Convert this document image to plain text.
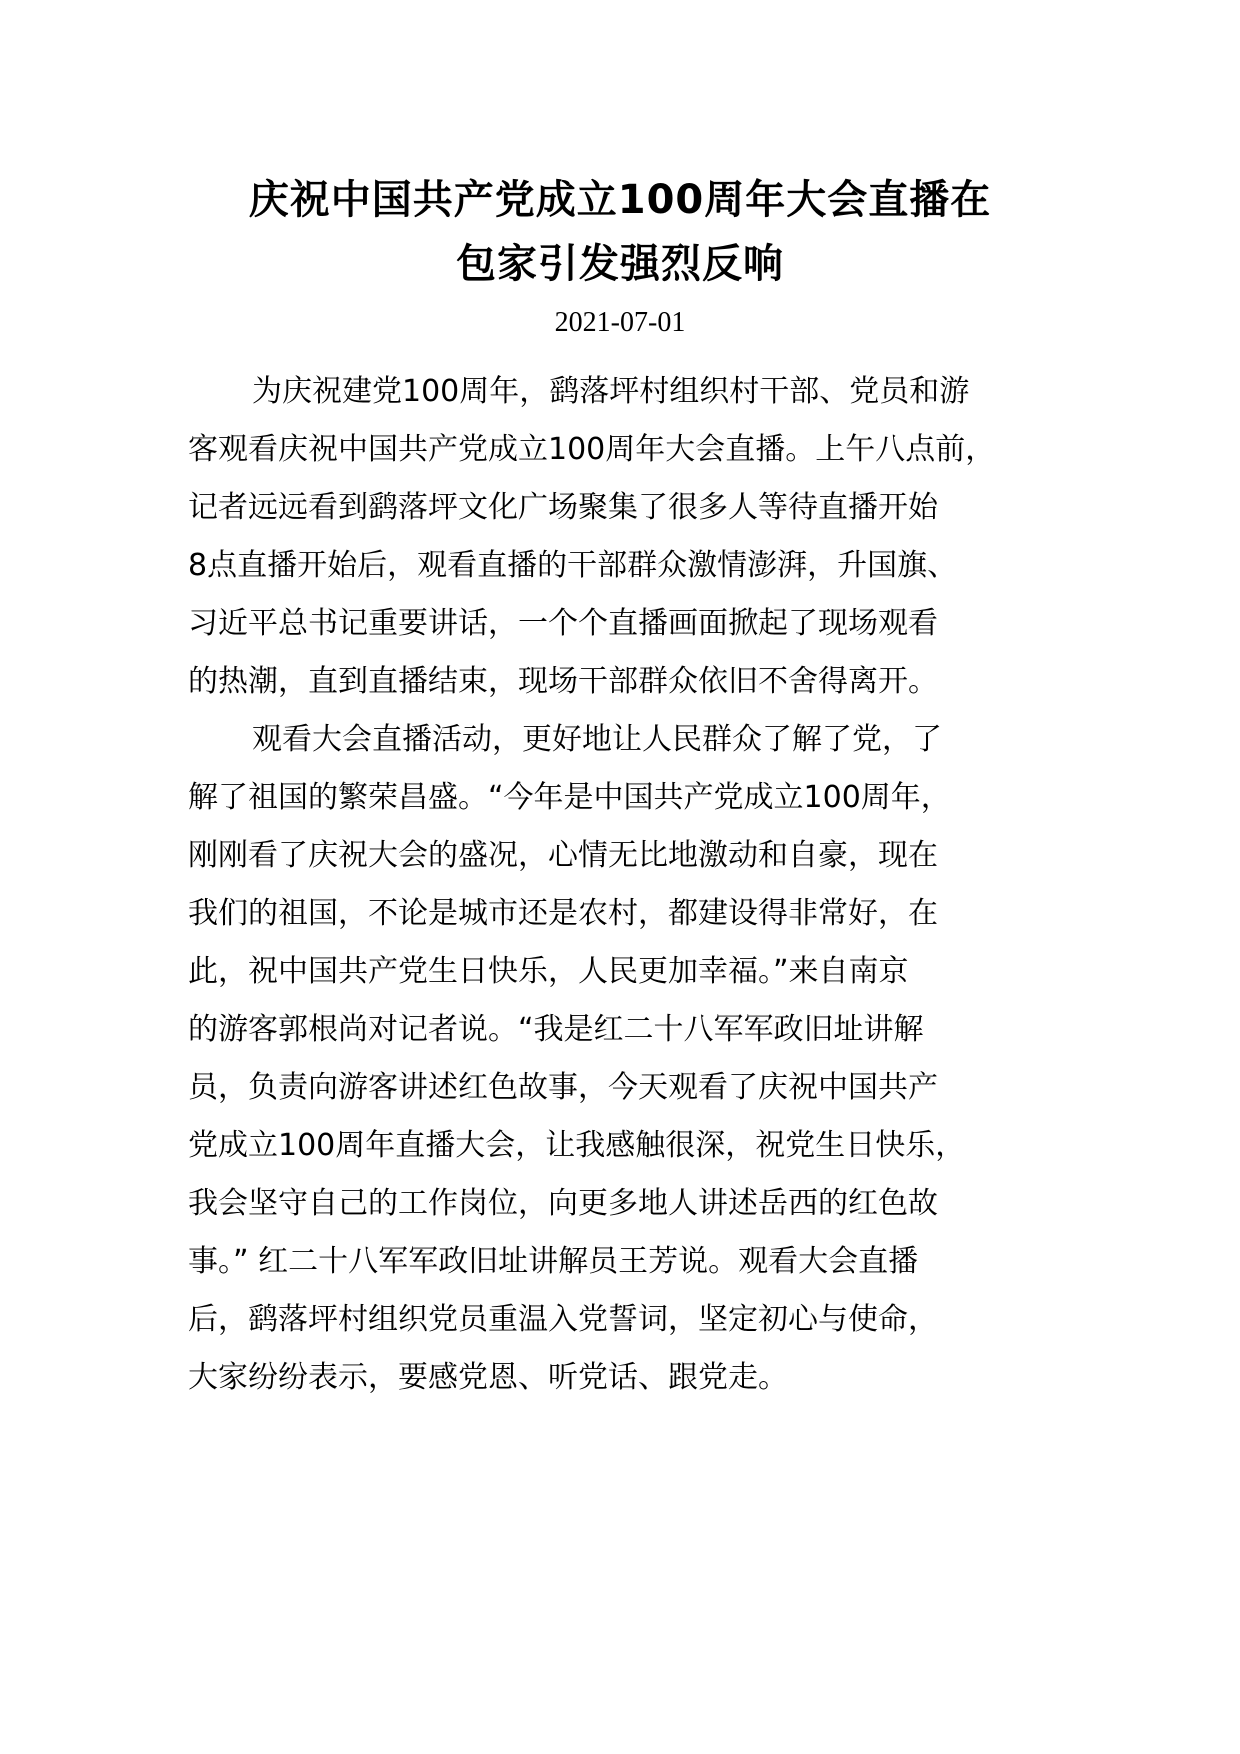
庆祝中国共产党成立100周年大会直播在
包家引发强烈反响
2021-07-01
为庆祝建党100周年，鹞落坪村组织村干部、党员和游
客观看庆祝中国共产党成立100周年大会直播。上午八点前，
记者远远看到鹞落坪文化广场聚集了很多人等待直播开始
8点直播开始后，观看直播的干部群众激情澎湃，升国旗、
习近平总书记重要讲话，一个个直播画面掀起了现场观看
的热潮，直到直播结束，现场干部群众依旧不舍得离开。
观看大会直播活动，更好地让人民群众了解了党，了
解了祖国的繁荣昌盛。“今年是中国共产党成立100周年，
刚刚看了庆祝大会的盛况，心情无比地激动和自豪，现在
我们的祖国，不论是城市还是农村，都建设得非常好，在
此，祝中国共产党生日快乐，人民更加幸福。”来自南京
的游客郭根尚对记者说。“我是红二十八军军政旧址讲解
员，负责向游客讲述红色故事，今天观看了庆祝中国共产
党成立100周年直播大会，让我感触很深，祝党生日快乐，
我会坚守自己的工作岗位，向更多地人讲述岳西的红色故
事。” 红二十八军军政旧址讲解员王芳说。观看大会直播
后，鹞落坪村组织党员重温入党誓词，坚定初心与使命，
大家纷纷表示，要感党恩、听党话、跟党走。
